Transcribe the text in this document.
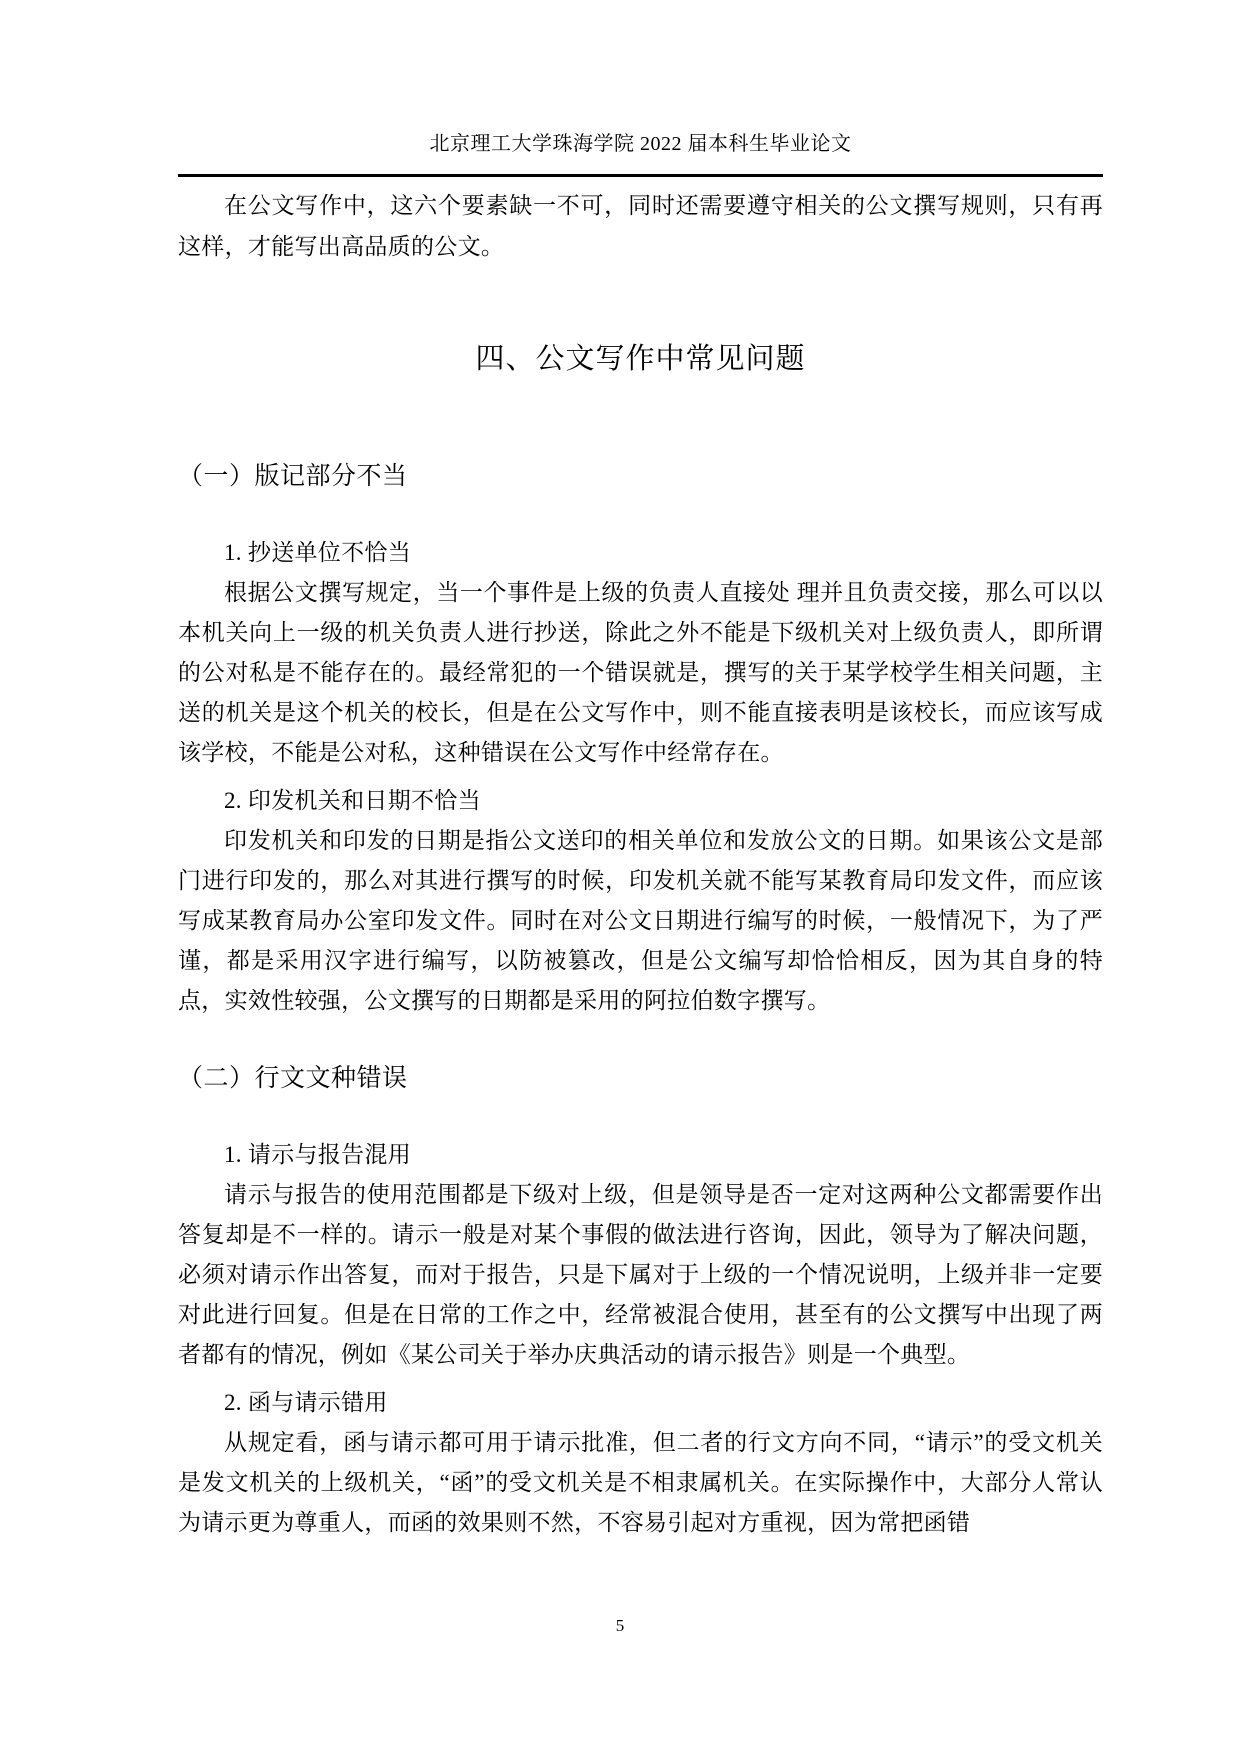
北京理工大学珠海学院 2022 届本科生毕业论文

在公文写作中，这六个要素缺一不可，同时还需要遵守相关的公文撰写规则，只有再这样，才能写出高品质的公文。

四、公文写作中常见问题
（一）版记部分不当
1. 抄送单位不恰当

根据公文撰写规定，当一个事件是上级的负责人直接处 理并且负责交接，那么可以以本机关向上一级的机关负责人进行抄送，除此之外不能是下级机关对上级负责人，即所谓的公对私是不能存在的。最经常犯的一个错误就是，撰写的关于某学校学生相关问题，主送的机关是这个机关的校长，但是在公文写作中，则不能直接表明是该校长，而应该写成该学校，不能是公对私，这种错误在公文写作中经常存在。

2. 印发机关和日期不恰当

印发机关和印发的日期是指公文送印的相关单位和发放公文的日期。如果该公文是部门进行印发的，那么对其进行撰写的时候，印发机关就不能写某教育局印发文件，而应该写成某教育局办公室印发文件。同时在对公文日期进行编写的时候，一般情况下，为了严谨，都是采用汉字进行编写，以防被篡改，但是公文编写却恰恰相反，因为其自身的特点，实效性较强，公文撰写的日期都是采用的阿拉伯数字撰写。

（二）行文文种错误
1. 请示与报告混用

请示与报告的使用范围都是下级对上级，但是领导是否一定对这两种公文都需要作出答复却是不一样的。请示一般是对某个事假的做法进行咨询，因此，领导为了解决问题，必须对请示作出答复，而对于报告，只是下属对于上级的一个情况说明，上级并非一定要对此进行回复。但是在日常的工作之中，经常被混合使用，甚至有的公文撰写中出现了两者都有的情况，例如《某公司关于举办庆典活动的请示报告》则是一个典型。

2. 函与请示错用

从规定看，函与请示都可用于请示批准，但二者的行文方向不同，“请示”的受文机关是发文机关的上级机关，“函”的受文机关是不相隶属机关。在实际操作中，大部分人常认为请示更为尊重人，而函的效果则不然，不容易引起对方重视，因为常把函错

5
